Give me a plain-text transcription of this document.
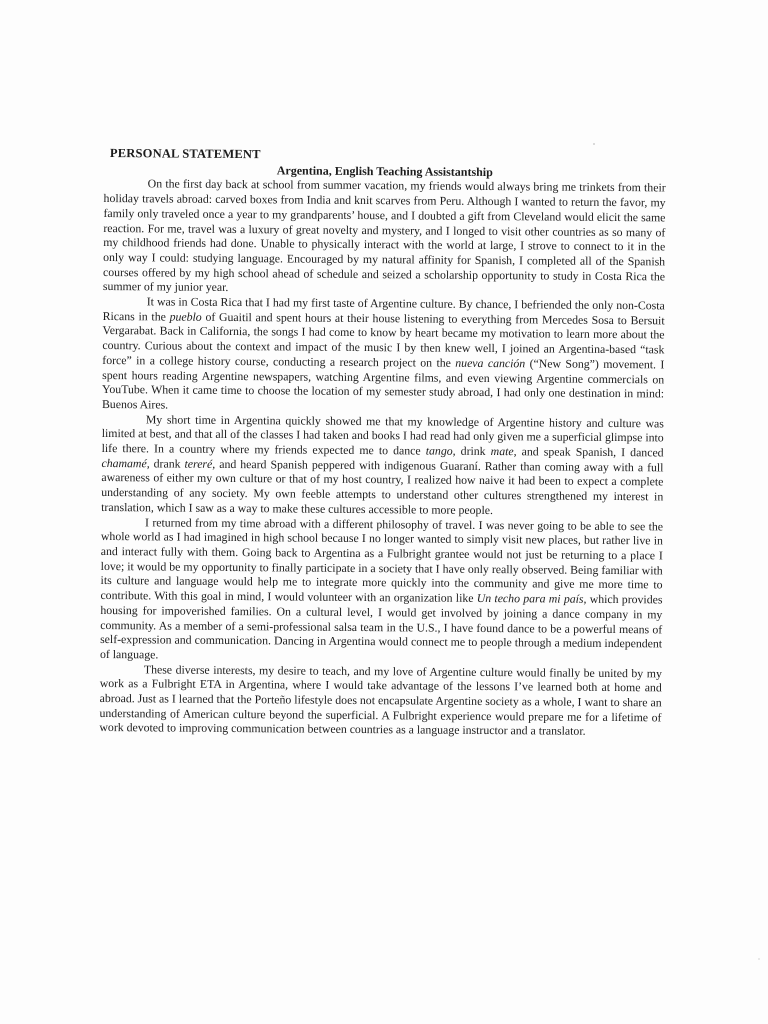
PERSONAL STATEMENT
Argentina, English Teaching Assistantship

On the first day back at school from summer vacation, my friends would always bring me trinkets from their holiday travels abroad: carved boxes from India and knit scarves from Peru. Although I wanted to return the favor, my family only traveled once a year to my grandparents’ house, and I doubted a gift from Cleveland would elicit the same reaction. For me, travel was a luxury of great novelty and mystery, and I longed to visit other countries as so many of my childhood friends had done. Unable to physically interact with the world at large, I strove to connect to it in the only way I could: studying language. Encouraged by my natural affinity for Spanish, I completed all of the Spanish courses offered by my high school ahead of schedule and seized a scholarship opportunity to study in Costa Rica the summer of my junior year.

It was in Costa Rica that I had my first taste of Argentine culture. By chance, I befriended the only non-Costa Ricans in the pueblo of Guaitil and spent hours at their house listening to everything from Mercedes Sosa to Bersuit Vergarabat. Back in California, the songs I had come to know by heart became my motivation to learn more about the country. Curious about the context and impact of the music I by then knew well, I joined an Argentina-based “task force” in a college history course, conducting a research project on the nueva canción (“New Song”) movement. I spent hours reading Argentine newspapers, watching Argentine films, and even viewing Argentine commercials on YouTube. When it came time to choose the location of my semester study abroad, I had only one destination in mind: Buenos Aires.

My short time in Argentina quickly showed me that my knowledge of Argentine history and culture was limited at best, and that all of the classes I had taken and books I had read had only given me a superficial glimpse into life there. In a country where my friends expected me to dance tango, drink mate, and speak Spanish, I danced chamamé, drank tereré, and heard Spanish peppered with indigenous Guaraní. Rather than coming away with a full awareness of either my own culture or that of my host country, I realized how naive it had been to expect a complete understanding of any society. My own feeble attempts to understand other cultures strengthened my interest in translation, which I saw as a way to make these cultures accessible to more people.

I returned from my time abroad with a different philosophy of travel. I was never going to be able to see the whole world as I had imagined in high school because I no longer wanted to simply visit new places, but rather live in and interact fully with them. Going back to Argentina as a Fulbright grantee would not just be returning to a place I love; it would be my opportunity to finally participate in a society that I have only really observed. Being familiar with its culture and language would help me to integrate more quickly into the community and give me more time to contribute. With this goal in mind, I would volunteer with an organization like Un techo para mi país, which provides housing for impoverished families. On a cultural level, I would get involved by joining a dance company in my community. As a member of a semi-professional salsa team in the U.S., I have found dance to be a powerful means of self-expression and communication. Dancing in Argentina would connect me to people through a medium independent of language.

These diverse interests, my desire to teach, and my love of Argentine culture would finally be united by my work as a Fulbright ETA in Argentina, where I would take advantage of the lessons I’ve learned both at home and abroad. Just as I learned that the Porteño lifestyle does not encapsulate Argentine society as a whole, I want to share an understanding of American culture beyond the superficial. A Fulbright experience would prepare me for a lifetime of work devoted to improving communication between countries as a language instructor and a translator.
